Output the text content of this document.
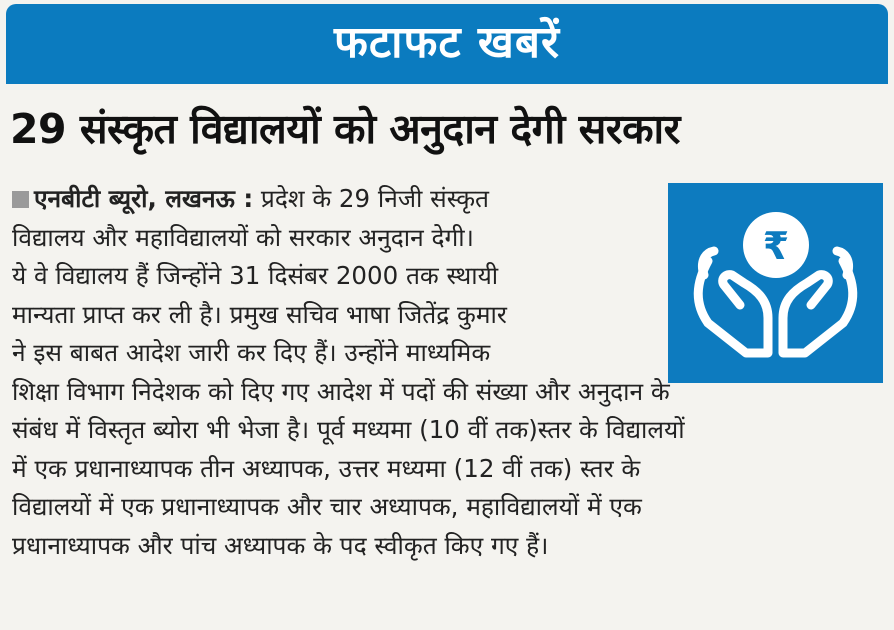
फटाफट खबरें
29 संस्कृत विद्यालयों को अनुदान देगी सरकार
₹
एनबीटी ब्यूरो, लखनऊ : प्रदेश के 29 निजी संस्कृत
विद्यालय और महाविद्यालयों को सरकार अनुदान देगी।
ये वे विद्यालय हैं जिन्होंने 31 दिसंबर 2000 तक स्थायी
मान्यता प्राप्त कर ली है। प्रमुख सचिव भाषा जितेंद्र कुमार
ने इस बाबत आदेश जारी कर दिए हैं। उन्होंने माध्यमिक
शिक्षा विभाग निदेशक को दिए गए आदेश में पदों की संख्या और अनुदान के
संबंध में विस्तृत ब्योरा भी भेजा है। पूर्व मध्यमा (10 वीं तक)स्तर के विद्यालयों
में एक प्रधानाध्यापक तीन अध्यापक, उत्तर मध्यमा (12 वीं तक) स्तर के
विद्यालयों में एक प्रधानाध्यापक और चार अध्यापक, महाविद्यालयों में एक
प्रधानाध्यापक और पांच अध्यापक के पद स्वीकृत किए गए हैं।
